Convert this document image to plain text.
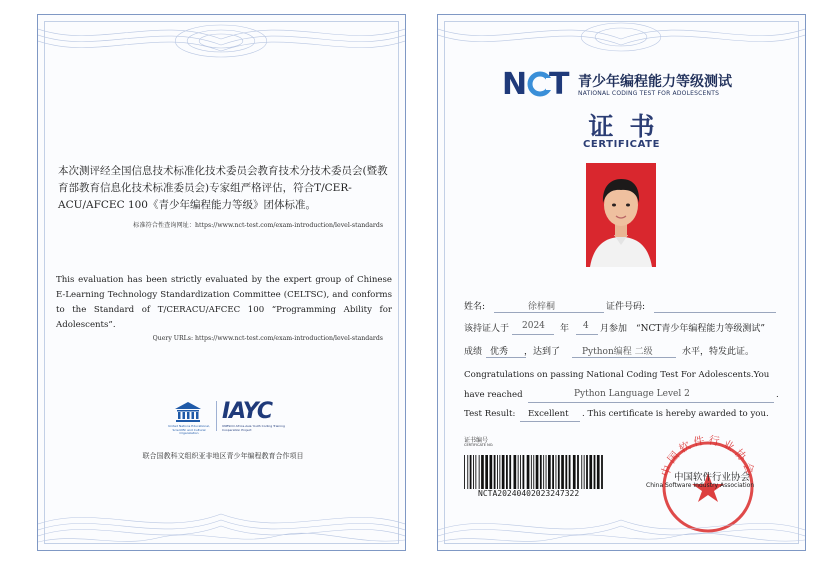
本次测评经全国信息技术标准化技术委员会教育技术分技术委员会(暨教育部教育信息化技术标准委员会)专家组严格评估，符合T/CER-ACU/AFCEC 100《青少年编程能力等级》团体标准。
标准符合性查询网址：https://www.nct-test.com/exam-introduction/level-standards
This evaluation has been strictly evaluated by the expert group of Chinese E-Learning Technology Standardization Committee (CELTSC), and conforms to the Standard of T/CERACU/AFCEC 100 “Programming Ability for Adolescents”.
Query URLs: https://www.nct-test.com/exam-introduction/level-standards
United Nations Educational, Scientific and Cultural Organization
IAYC
UNESCO Africa-Asia Youth Coding Training Cooperation Project
联合国教科文组织亚非地区青少年编程教育合作项目
N T 青少年编程能力等级测试
NATIONAL CODING TEST FOR ADOLESCENTS
证书
CERTIFICATE
姓名:	徐梓桐	证件号码:
该持证人于 2024 年 4 月参加 “NCT青少年编程能力等级测试”
成绩 优秀 ，达到了 Python编程 二级	水平，特发此证。
Congratulations on passing National Coding Test For Adolescents.You
have reached	Python Language Level 2	.
Test Result: Excellent . This certificate is hereby awarded to you.
证书编号
CERTIFICATE NO.
NCTA20240402023247322
中国软件行业协会
中国软件行业协会
China Software Industry Association
